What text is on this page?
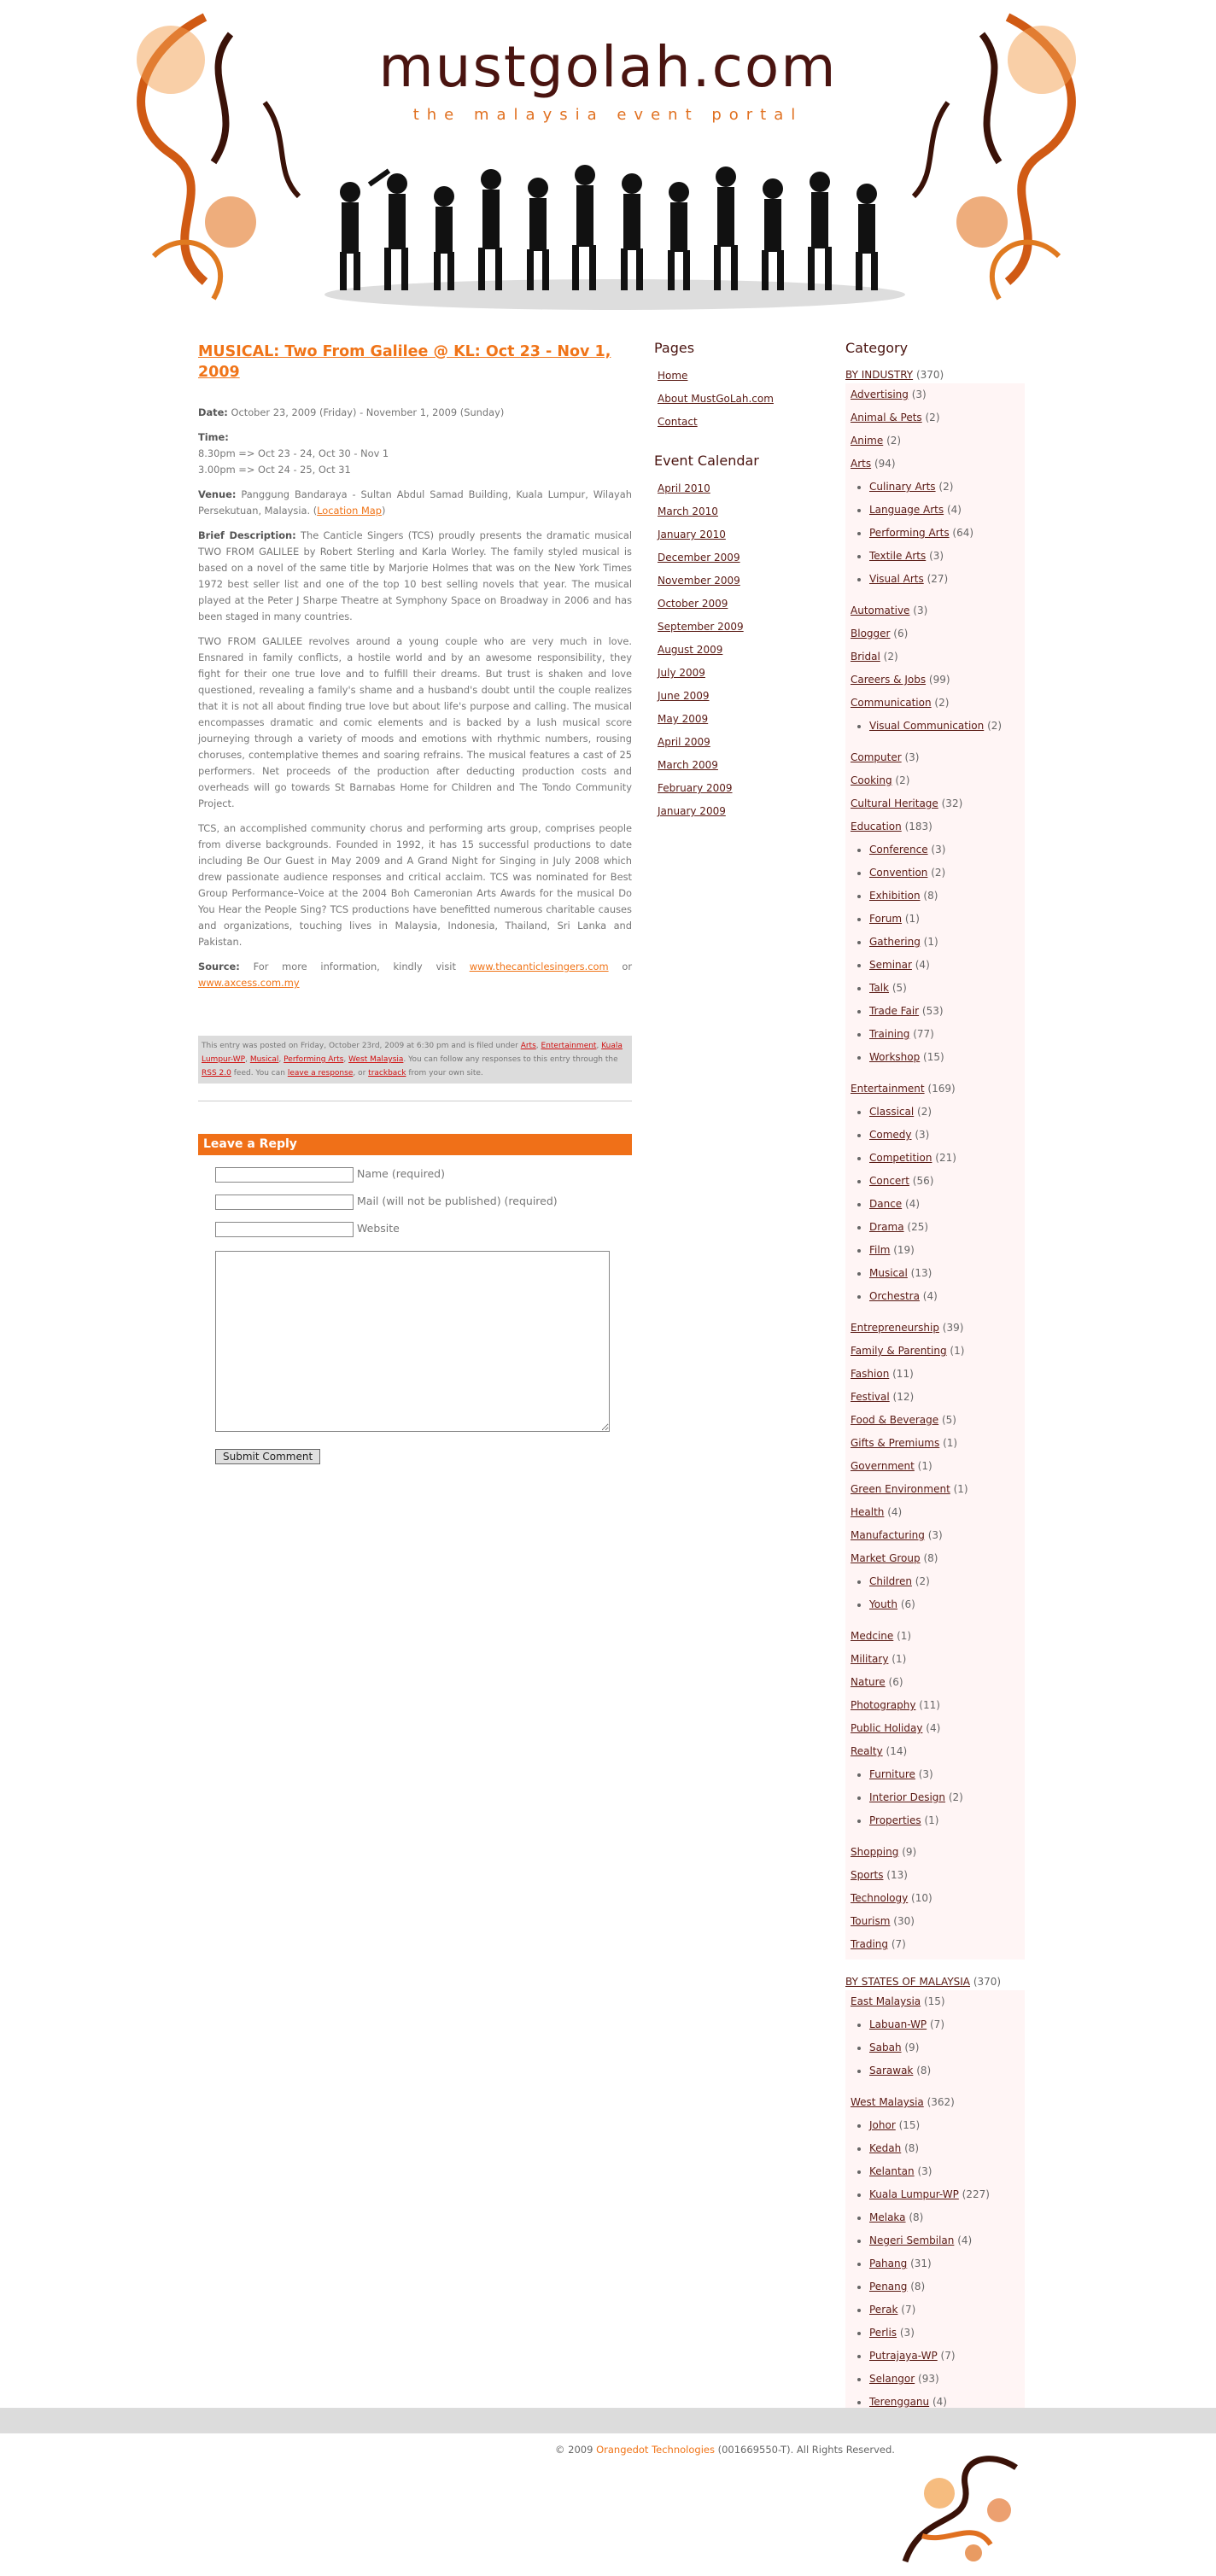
mustgolah.com
the malaysia event portal
MUSICAL: Two From Galilee @ KL: Oct 23 - Nov 1, 2009

Date: October 23, 2009 (Friday) - November 1, 2009 (Sunday)

Time:
8.30pm => Oct 23 - 24, Oct 30 - Nov 1
3.00pm => Oct 24 - 25, Oct 31

Venue: Panggung Bandaraya - Sultan Abdul Samad Building, Kuala Lumpur, Wilayah Persekutuan, Malaysia. (Location Map)

Brief Description: The Canticle Singers (TCS) proudly presents the dramatic musical TWO FROM GALILEE by Robert Sterling and Karla Worley. The family styled musical is based on a novel of the same title by Marjorie Holmes that was on the New York Times 1972 best seller list and one of the top 10 best selling novels that year. The musical played at the Peter J Sharpe Theatre at Symphony Space on Broadway in 2006 and has been staged in many countries.

TWO FROM GALILEE revolves around a young couple who are very much in love. Ensnared in family conflicts, a hostile world and by an awesome responsibility, they fight for their one true love and to fulfill their dreams. But trust is shaken and love questioned, revealing a family's shame and a husband's doubt until the couple realizes that it is not all about finding true love but about life's purpose and calling. The musical encompasses dramatic and comic elements and is backed by a lush musical score journeying through a variety of moods and emotions with rhythmic numbers, rousing choruses, contemplative themes and soaring refrains. The musical features a cast of 25 performers. Net proceeds of the production after deducting production costs and overheads will go towards St Barnabas Home for Children and The Tondo Community Project.

TCS, an accomplished community chorus and performing arts group, comprises people from diverse backgrounds. Founded in 1992, it has 15 successful productions to date including Be Our Guest in May 2009 and A Grand Night for Singing in July 2008 which drew passionate audience responses and critical acclaim. TCS was nominated for Best Group Performance–Voice at the 2004 Boh Cameronian Arts Awards for the musical Do You Hear the People Sing? TCS productions have benefitted numerous charitable causes and organizations, touching lives in Malaysia, Indonesia, Thailand, Sri Lanka and Pakistan.

Source: For more information, kindly visit www.thecanticlesingers.com or www.axcess.com.my

This entry was posted on Friday, October 23rd, 2009 at 6:30 pm and is filed under Arts, Entertainment, Kuala Lumpur-WP, Musical, Performing Arts, West Malaysia. You can follow any responses to this entry through the RSS 2.0 feed. You can leave a response, or trackback from your own site.
Leave a Reply
Name (required)
Mail (will not be published) (required)
Website
Submit Comment
Pages
Home
About MustGoLah.com
Contact
Event Calendar
April 2010
March 2010
January 2010
December 2009
November 2009
October 2009
September 2009
August 2009
July 2009
June 2009
May 2009
April 2009
March 2009
February 2009
January 2009
Category
BY INDUSTRY (370)
Advertising (3)
Animal & Pets (2)
Anime (2)
Arts (94)
• Culinary Arts (2)
• Language Arts (4)
• Performing Arts (64)
• Textile Arts (3)
• Visual Arts (27)
Automative (3)
Blogger (6)
Bridal (2)
Careers & Jobs (99)
Communication (2)
• Visual Communication (2)
Computer (3)
Cooking (2)
Cultural Heritage (32)
Education (183)
• Conference (3)
• Convention (2)
• Exhibition (8)
• Forum (1)
• Gathering (1)
• Seminar (4)
• Talk (5)
• Trade Fair (53)
• Training (77)
• Workshop (15)
Entertainment (169)
• Classical (2)
• Comedy (3)
• Competition (21)
• Concert (56)
• Dance (4)
• Drama (25)
• Film (19)
• Musical (13)
• Orchestra (4)
Entrepreneurship (39)
Family & Parenting (1)
Fashion (11)
Festival (12)
Food & Beverage (5)
Gifts & Premiums (1)
Government (1)
Green Environment (1)
Health (4)
Manufacturing (3)
Market Group (8)
• Children (2)
• Youth (6)
Medcine (1)
Military (1)
Nature (6)
Photography (11)
Public Holiday (4)
Realty (14)
• Furniture (3)
• Interior Design (2)
• Properties (1)
Shopping (9)
Sports (13)
Technology (10)
Tourism (30)
Trading (7)
BY STATES OF MALAYSIA (370)
East Malaysia (15)
• Labuan-WP (7)
• Sabah (9)
• Sarawak (8)
West Malaysia (362)
• Johor (15)
• Kedah (8)
• Kelantan (3)
• Kuala Lumpur-WP (227)
• Melaka (8)
• Negeri Sembilan (4)
• Pahang (31)
• Penang (8)
• Perak (7)
• Perlis (3)
• Putrajaya-WP (7)
• Selangor (93)
• Terengganu (4)
© 2009 Orangedot Technologies (001669550-T). All Rights Reserved.
